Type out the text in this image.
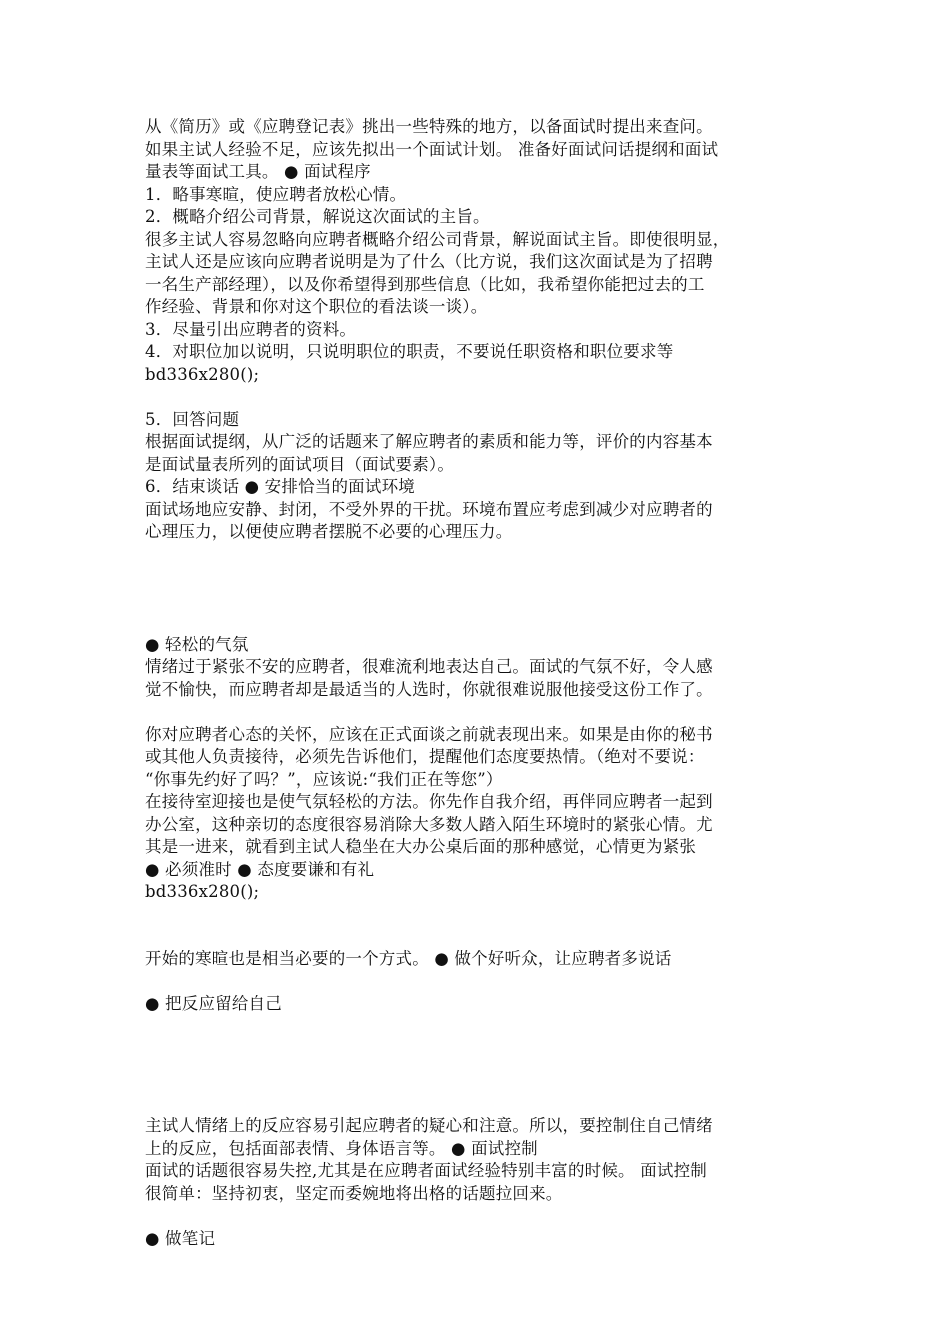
从《简历》或《应聘登记表》挑出一些特殊的地方，以备面试时提出来查问。
如果主试人经验不足，应该先拟出一个面试计划。 准备好面试问话提纲和面试
量表等面试工具。 ● 面试程序
1．略事寒暄，使应聘者放松心情。
2．概略介绍公司背景，解说这次面试的主旨。
很多主试人容易忽略向应聘者概略介绍公司背景，解说面试主旨。即使很明显，
主试人还是应该向应聘者说明是为了什么（比方说，我们这次面试是为了招聘
一名生产部经理），以及你希望得到那些信息（比如，我希望你能把过去的工
作经验、背景和你对这个职位的看法谈一谈）。
3．尽量引出应聘者的资料。
4．对职位加以说明，只说明职位的职责，不要说任职资格和职位要求等
bd336x280();
5．回答问题
根据面试提纲，从广泛的话题来了解应聘者的素质和能力等，评价的内容基本
是面试量表所列的面试项目（面试要素）。
6．结束谈话 ● 安排恰当的面试环境
面试场地应安静、封闭，不受外界的干扰。环境布置应考虑到减少对应聘者的
心理压力，以便使应聘者摆脱不必要的心理压力。
● 轻松的气氛
情绪过于紧张不安的应聘者，很难流利地表达自己。面试的气氛不好，令人感
觉不愉快，而应聘者却是最适当的人选时，你就很难说服他接受这份工作了。
你对应聘者心态的关怀，应该在正式面谈之前就表现出来。如果是由你的秘书
或其他人负责接待，必须先告诉他们，提醒他们态度要热情。（绝对不要说：
“你事先约好了吗？”，应该说:“我们正在等您”）
在接待室迎接也是使气氛轻松的方法。你先作自我介绍，再伴同应聘者一起到
办公室，这种亲切的态度很容易消除大多数人踏入陌生环境时的紧张心情。尤
其是一进来，就看到主试人稳坐在大办公桌后面的那种感觉，心情更为紧张
● 必须准时 ● 态度要谦和有礼
bd336x280();
开始的寒暄也是相当必要的一个方式。 ● 做个好听众，让应聘者多说话
● 把反应留给自己
主试人情绪上的反应容易引起应聘者的疑心和注意。所以，要控制住自己情绪
上的反应，包括面部表情、身体语言等。 ● 面试控制
面试的话题很容易失控,尤其是在应聘者面试经验特别丰富的时候。 面试控制
很简单：坚持初衷，坚定而委婉地将出格的话题拉回来。
● 做笔记
